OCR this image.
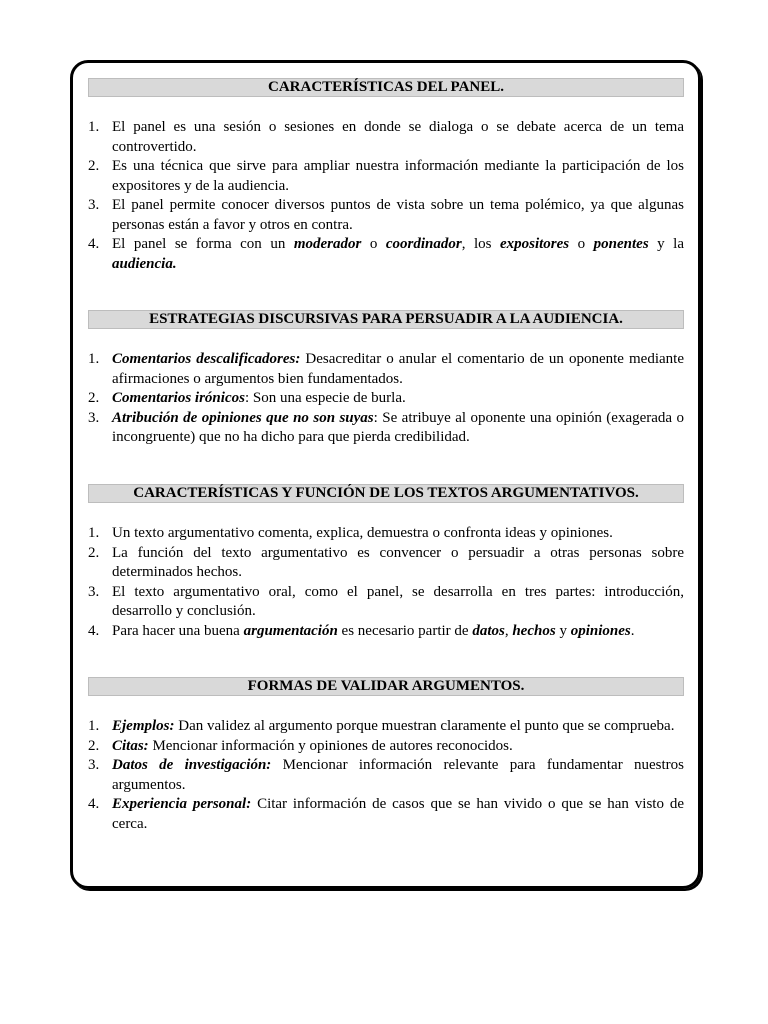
CARACTERÍSTICAS DEL PANEL.
1. El panel es una sesión o sesiones en donde se dialoga o se debate acerca de un tema controvertido.
2. Es una técnica que sirve para ampliar nuestra información mediante la participación de los expositores y de la audiencia.
3. El panel permite conocer diversos puntos de vista sobre un tema polémico, ya que algunas personas están a favor y otros en contra.
4. El panel se forma con un moderador o coordinador, los expositores o ponentes y la audiencia.
ESTRATEGIAS DISCURSIVAS PARA PERSUADIR A LA AUDIENCIA.
1. Comentarios descalificadores: Desacreditar o anular el comentario de un oponente mediante afirmaciones o argumentos bien fundamentados.
2. Comentarios irónicos: Son una especie de burla.
3. Atribución de opiniones que no son suyas: Se atribuye al oponente una opinión (exagerada o incongruente) que no ha dicho para que pierda credibilidad.
CARACTERÍSTICAS Y FUNCIÓN DE LOS TEXTOS ARGUMENTATIVOS.
1. Un texto argumentativo comenta, explica, demuestra o confronta ideas y opiniones.
2. La función del texto argumentativo es convencer o persuadir a otras personas sobre determinados hechos.
3. El texto argumentativo oral, como el panel, se desarrolla en tres partes: introducción, desarrollo y conclusión.
4. Para hacer una buena argumentación es necesario partir de datos, hechos y opiniones.
FORMAS DE VALIDAR ARGUMENTOS.
1. Ejemplos: Dan validez al argumento porque muestran claramente el punto que se comprueba.
2. Citas: Mencionar información y opiniones de autores reconocidos.
3. Datos de investigación: Mencionar información relevante para fundamentar nuestros argumentos.
4. Experiencia personal: Citar información de casos que se han vivido o que se han visto de cerca.
